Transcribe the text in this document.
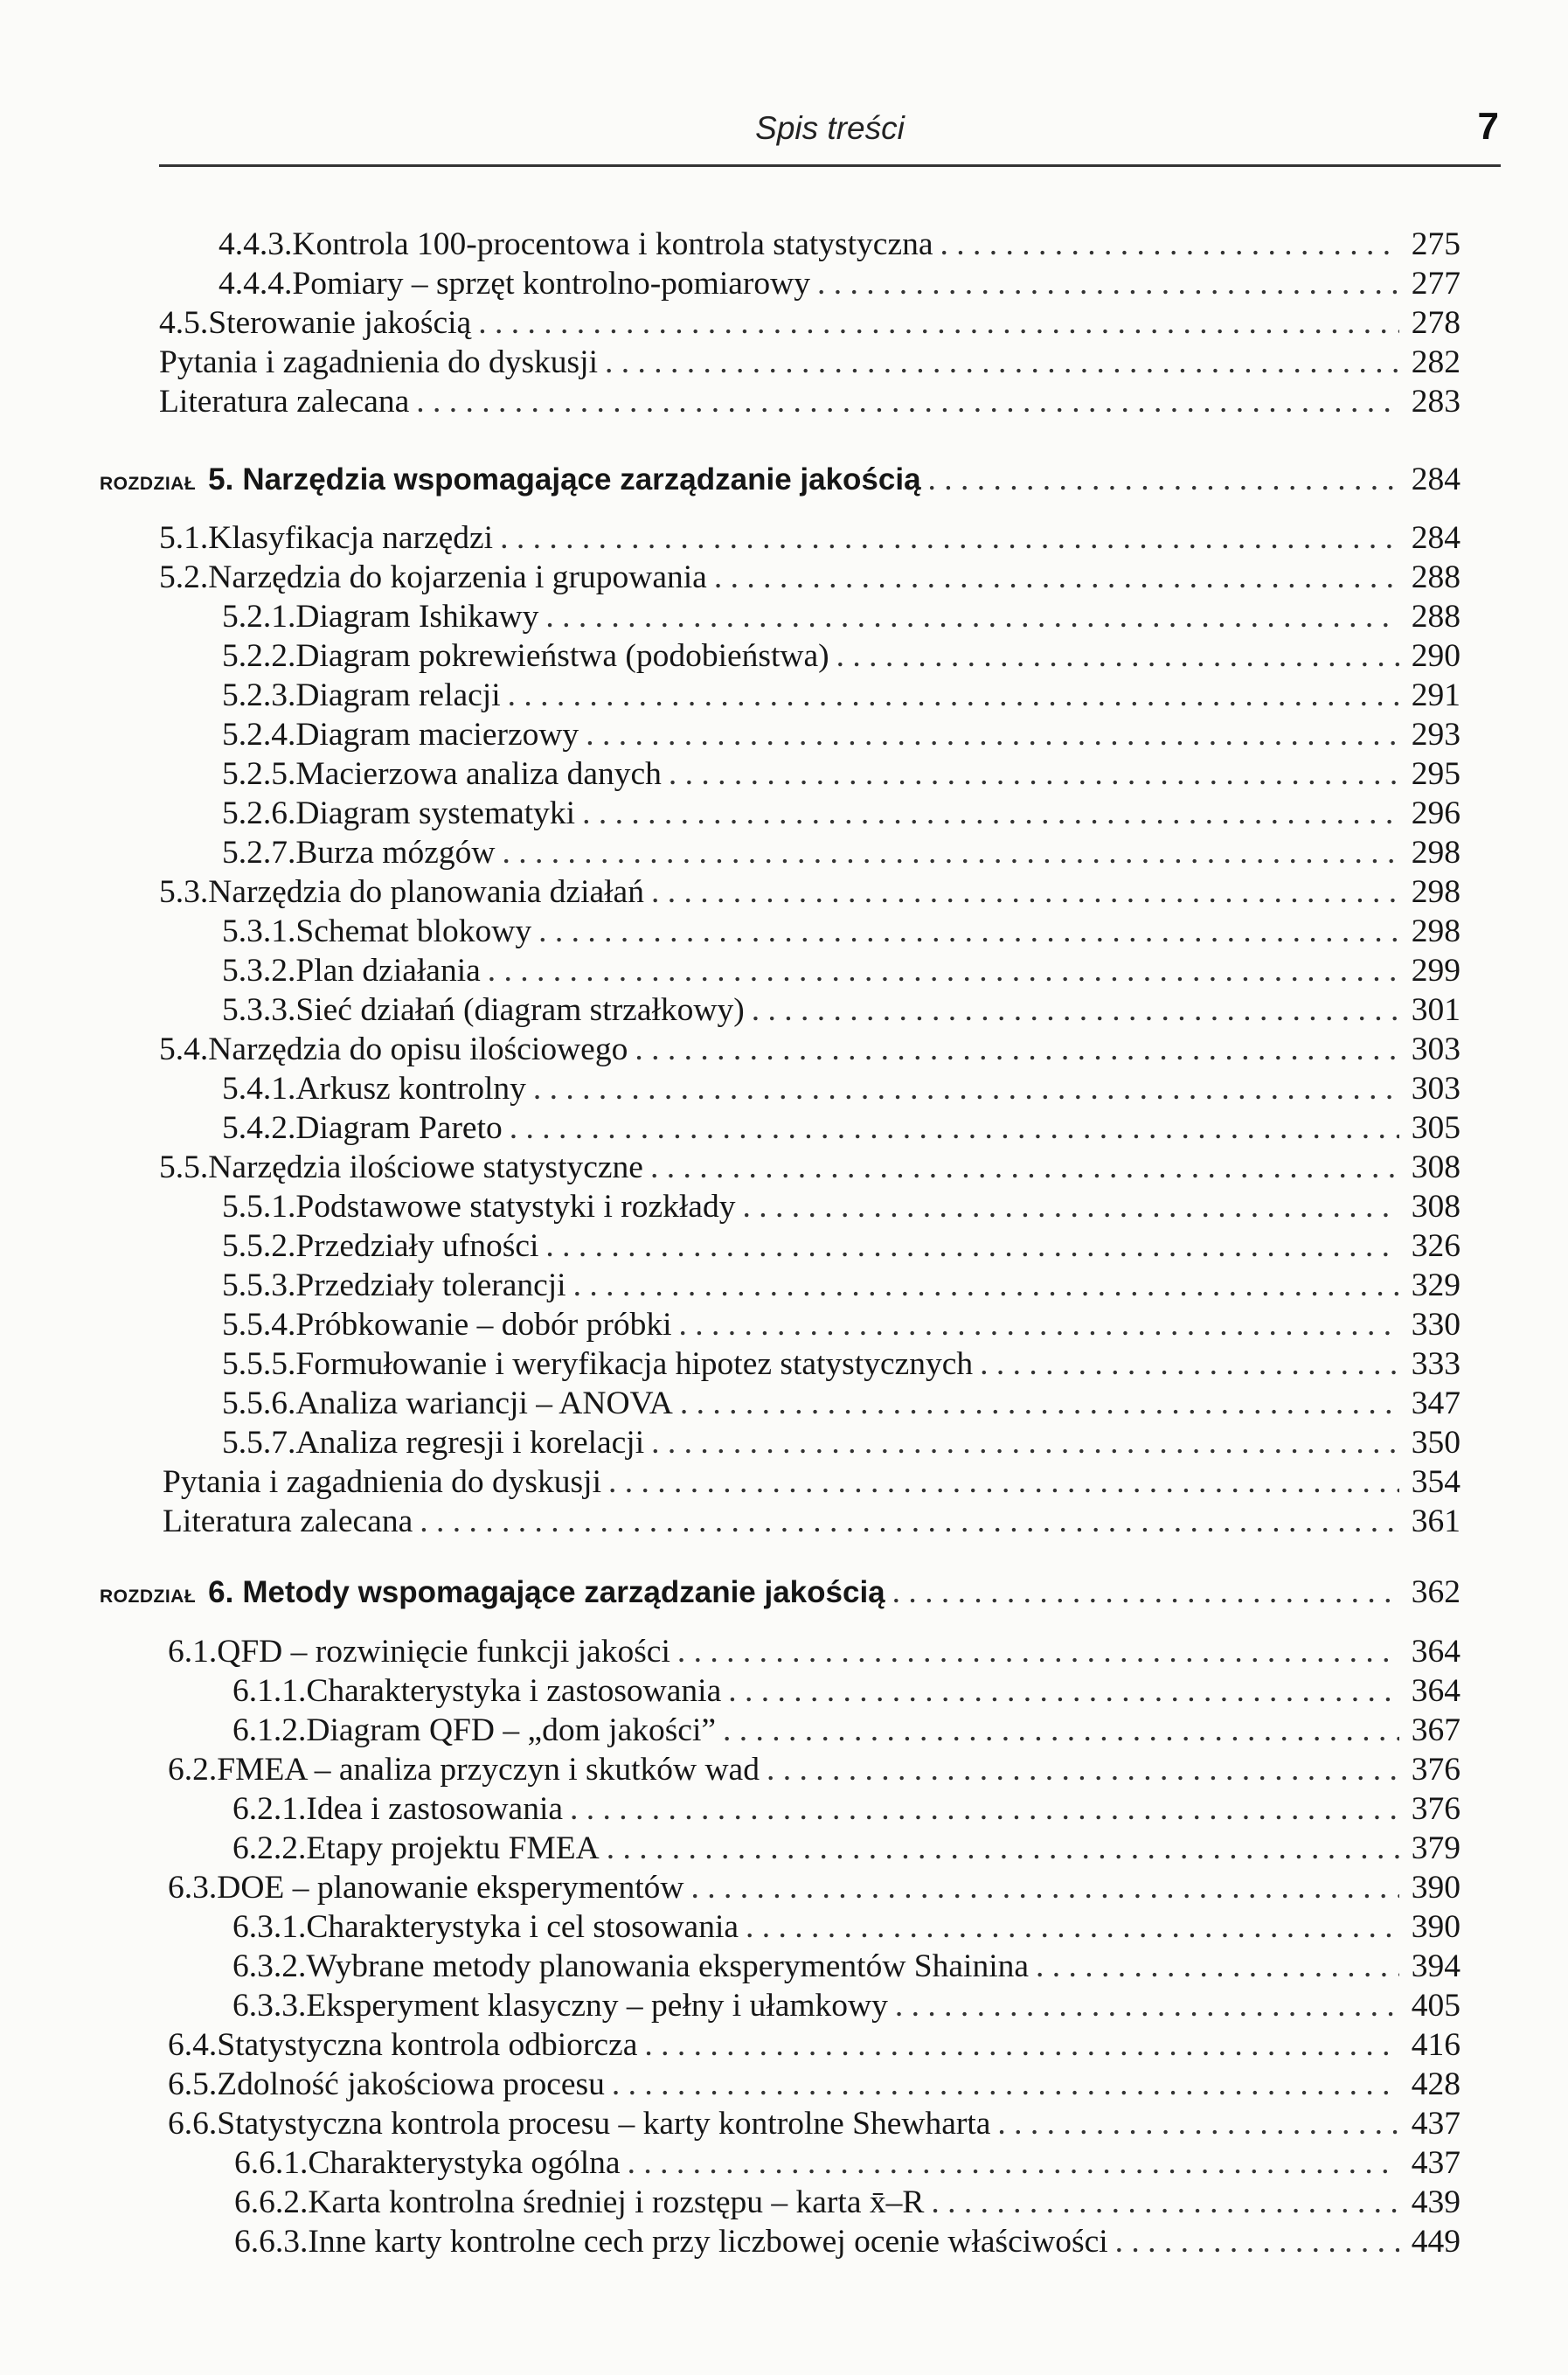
Spis treści	7
4.4.3. Kontrola 100-procentowa i kontrola statystyczna . . .	275
4.4.4. Pomiary – sprzęt kontrolno-pomiarowy . . .	277
4.5. Sterowanie jakością . . .	278
Pytania i zagadnienia do dyskusji . . .	282
Literatura zalecana . . .	283
ROZDZIAŁ 5. Narzędzia wspomagające zarządzanie jakością . . .	284
5.1. Klasyfikacja narzędzi . . .	284
5.2. Narzędzia do kojarzenia i grupowania . . .	288
5.2.1. Diagram Ishikawy . . .	288
5.2.2. Diagram pokrewieństwa (podobieństwa) . . .	290
5.2.3. Diagram relacji . . .	291
5.2.4. Diagram macierzowy . . .	293
5.2.5. Macierzowa analiza danych . . .	295
5.2.6. Diagram systematyki . . .	296
5.2.7. Burza mózgów . . .	298
5.3. Narzędzia do planowania działań . . .	298
5.3.1. Schemat blokowy . . .	298
5.3.2. Plan działania . . .	299
5.3.3. Sieć działań (diagram strzałkowy) . . .	301
5.4. Narzędzia do opisu ilościowego . . .	303
5.4.1. Arkusz kontrolny . . .	303
5.4.2. Diagram Pareto . . .	305
5.5. Narzędzia ilościowe statystyczne . . .	308
5.5.1. Podstawowe statystyki i rozkłady . . .	308
5.5.2. Przedziały ufności . . .	326
5.5.3. Przedziały tolerancji . . .	329
5.5.4. Próbkowanie – dobór próbki . . .	330
5.5.5. Formułowanie i weryfikacja hipotez statystycznych . . .	333
5.5.6. Analiza wariancji – ANOVA . . .	347
5.5.7. Analiza regresji i korelacji . . .	350
Pytania i zagadnienia do dyskusji . . .	354
Literatura zalecana . . .	361
ROZDZIAŁ 6. Metody wspomagające zarządzanie jakością . . .	362
6.1. QFD – rozwinięcie funkcji jakości . . .	364
6.1.1. Charakterystyka i zastosowania . . .	364
6.1.2. Diagram QFD – „dom jakości” . . .	367
6.2. FMEA – analiza przyczyn i skutków wad . . .	376
6.2.1. Idea i zastosowania . . .	376
6.2.2. Etapy projektu FMEA . . .	379
6.3. DOE – planowanie eksperymentów . . .	390
6.3.1. Charakterystyka i cel stosowania . . .	390
6.3.2. Wybrane metody planowania eksperymentów Shainina . . .	394
6.3.3. Eksperyment klasyczny – pełny i ułamkowy . . .	405
6.4. Statystyczna kontrola odbiorcza . . .	416
6.5. Zdolność jakościowa procesu . . .	428
6.6. Statystyczna kontrola procesu – karty kontrolne Shewharta . . .	437
6.6.1. Charakterystyka ogólna . . .	437
6.6.2. Karta kontrolna średniej i rozstępu – karta x̄–R . . .	439
6.6.3. Inne karty kontrolne cech przy liczbowej ocenie właściwości . . .	449
